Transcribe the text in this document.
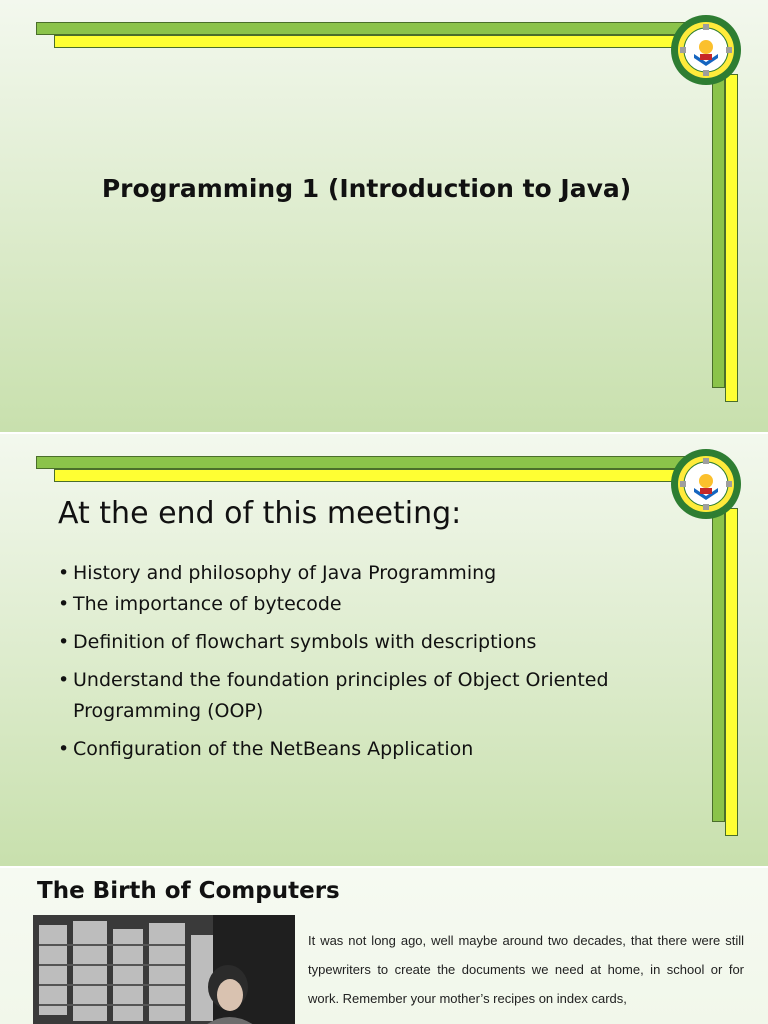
Programming 1 (Introduction to Java)
At the end of this meeting:
• History and philosophy of Java Programming
• The importance of bytecode
• Definition of flowchart symbols with descriptions
• Understand the foundation principles of Object Oriented Programming (OOP)
• Configuration of the NetBeans Application
The Birth of Computers

It was not long ago, well maybe around two decades, that there were still typewriters to create the documents we need at home, in school or for work. Remember your mother’s recipes on index cards,
